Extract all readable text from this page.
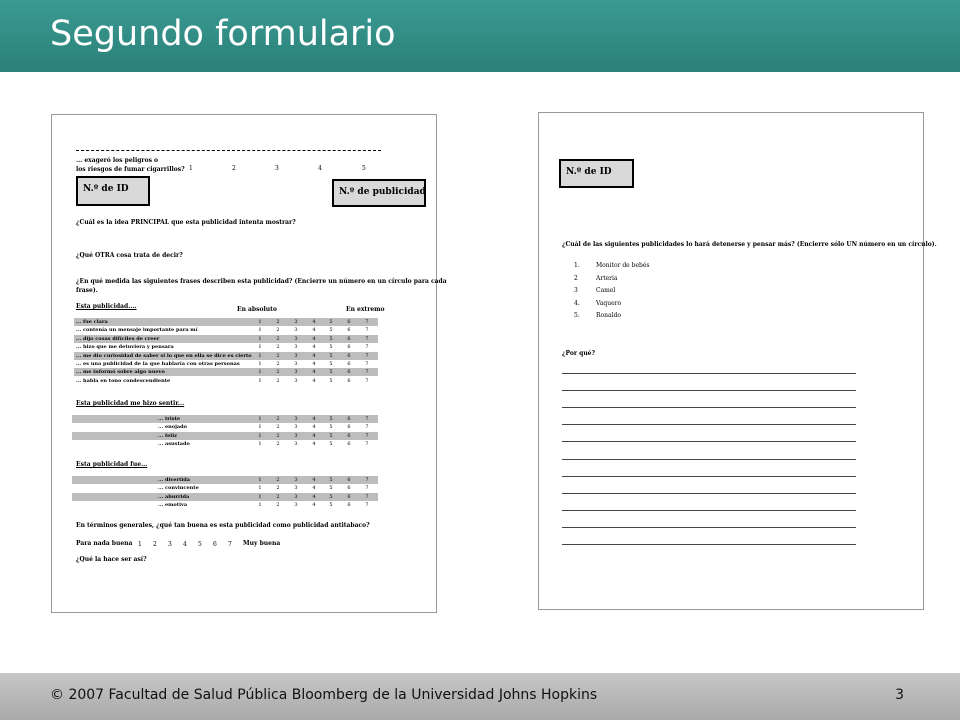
Segundo formulario
... exageró los peligros o
los riesgos de fumar cigarrillos? 1	2	3	4	5
N.º de ID	N.º de publicidad
¿Cuál es la idea PRINCIPAL que esta publicidad intenta mostrar?
¿Qué OTRA cosa trata de decir?
¿En qué medida las siguientes frases describen esta publicidad? (Encierre un número en un círculo para cada
frase).
Esta publicidad....	En absoluto	En extremo
... fue clara	1	2	3	4	5	6	7
... contenía un mensaje importante para mí	1	2	3	4	5	6	7
... dijo cosas difíciles de creer	1	2	3	4	5	6	7
... hizo que me detuviera y pensara	1	2	3	4	5	6	7
... me dio curiosidad de saber si lo que en ella se dice es cierto	1	2	3	4	5	6	7
... es una publicidad de la que hablaría con otras personas	1	2	3	4	5	6	7
... me informó sobre algo nuevo	1	2	3	4	5	6	7
... habla en tono condescendiente	1	2	3	4	5	6	7
Esta publicidad me hizo sentir...
... triste	1	2	3	4	5	6	7
... enojado	1	2	3	4	5	6	7
... feliz	1	2	3	4	5	6	7
... asustado	1	2	3	4	5	6	7
Esta publicidad fue...
... divertida	1	2	3	4	5	6	7
... convincente	1	2	3	4	5	6	7
... aburrida	1	2	3	4	5	6	7
... emotiva	1	2	3	4	5	6	7
En términos generales, ¿qué tan buena es esta publicidad como publicidad antitabaco?
Para nada buena 1 2 3 4 5 6 7 Muy buena
¿Qué la hace ser así?
N.º de ID
¿Cuál de las siguientes publicidades lo hará detenerse y pensar más? (Encierre sólo UN número en un círculo).
1.	Monitor de bebés
2	Arteria
3	Camel
4.	Vaquero
5.	Ronaldo
¿Por qué?
© 2007 Facultad de Salud Pública Bloomberg de la Universidad Johns Hopkins	3
